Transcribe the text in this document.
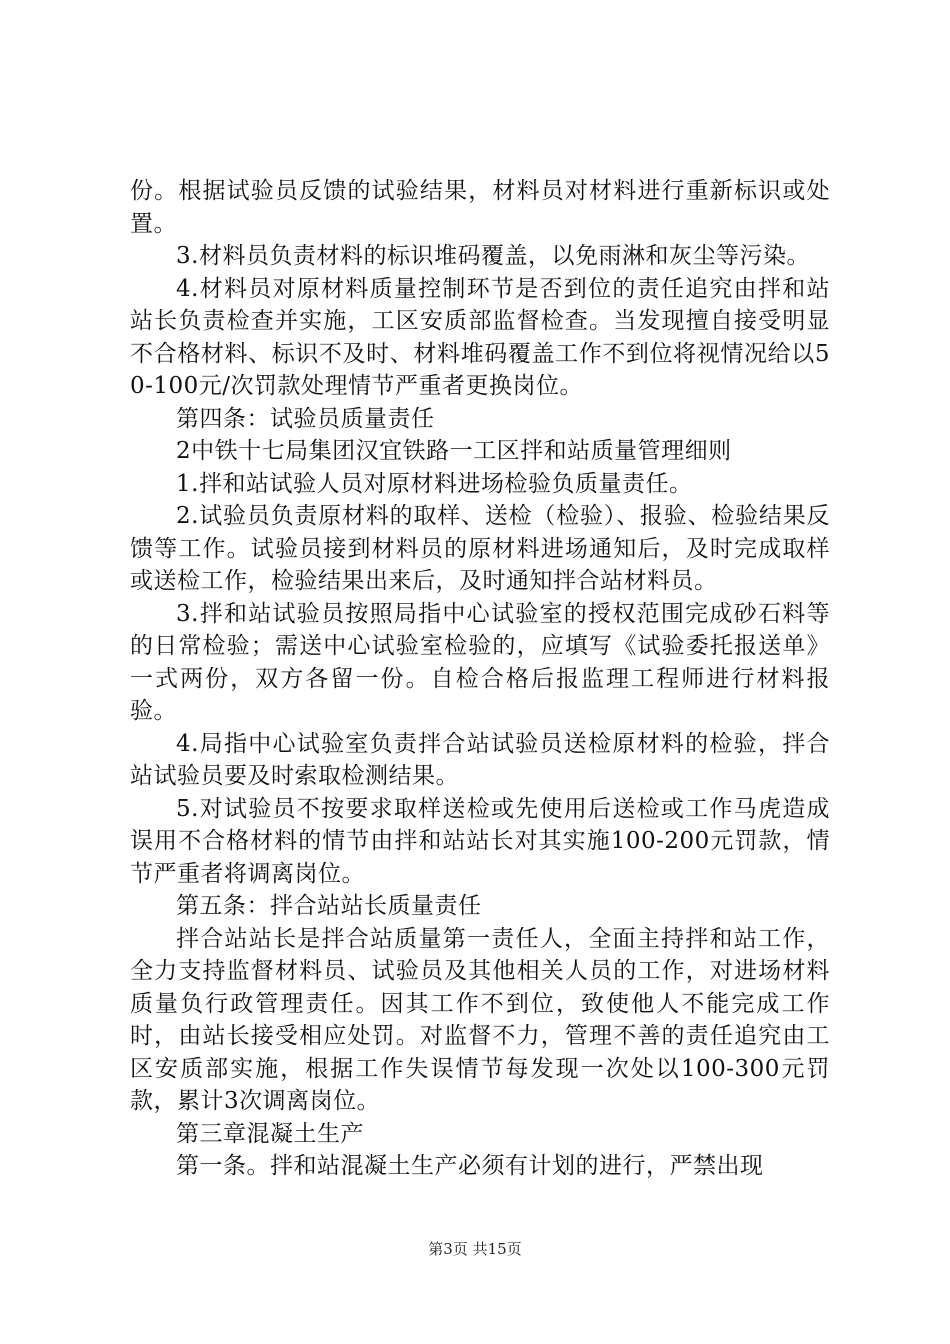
份。根据试验员反馈的试验结果，材料员对材料进行重新标识或处置。

3.材料员负责材料的标识堆码覆盖，以免雨淋和灰尘等污染。

4.材料员对原材料质量控制环节是否到位的责任追究由拌和站站长负责检查并实施，工区安质部监督检查。当发现擅自接受明显不合格材料、标识不及时、材料堆码覆盖工作不到位将视情况给以50-100元/次罚款处理情节严重者更换岗位。

第四条：试验员质量责任

2中铁十七局集团汉宜铁路一工区拌和站质量管理细则

1.拌和站试验人员对原材料进场检验负质量责任。

2.试验员负责原材料的取样、送检（检验）、报验、检验结果反馈等工作。试验员接到材料员的原材料进场通知后，及时完成取样或送检工作，检验结果出来后，及时通知拌合站材料员。

3.拌和站试验员按照局指中心试验室的授权范围完成砂石料等的日常检验；需送中心试验室检验的，应填写《试验委托报送单》一式两份，双方各留一份。自检合格后报监理工程师进行材料报验。

4.局指中心试验室负责拌合站试验员送检原材料的检验，拌合站试验员要及时索取检测结果。

5.对试验员不按要求取样送检或先使用后送检或工作马虎造成误用不合格材料的情节由拌和站站长对其实施100-200元罚款，情节严重者将调离岗位。

第五条：拌合站站长质量责任

拌合站站长是拌合站质量第一责任人，全面主持拌和站工作，全力支持监督材料员、试验员及其他相关人员的工作，对进场材料质量负行政管理责任。因其工作不到位，致使他人不能完成工作时，由站长接受相应处罚。对监督不力，管理不善的责任追究由工区安质部实施，根据工作失误情节每发现一次处以100-300元罚款，累计3次调离岗位。

第三章混凝土生产

第一条。拌和站混凝土生产必须有计划的进行，严禁出现

第3页 共15页
